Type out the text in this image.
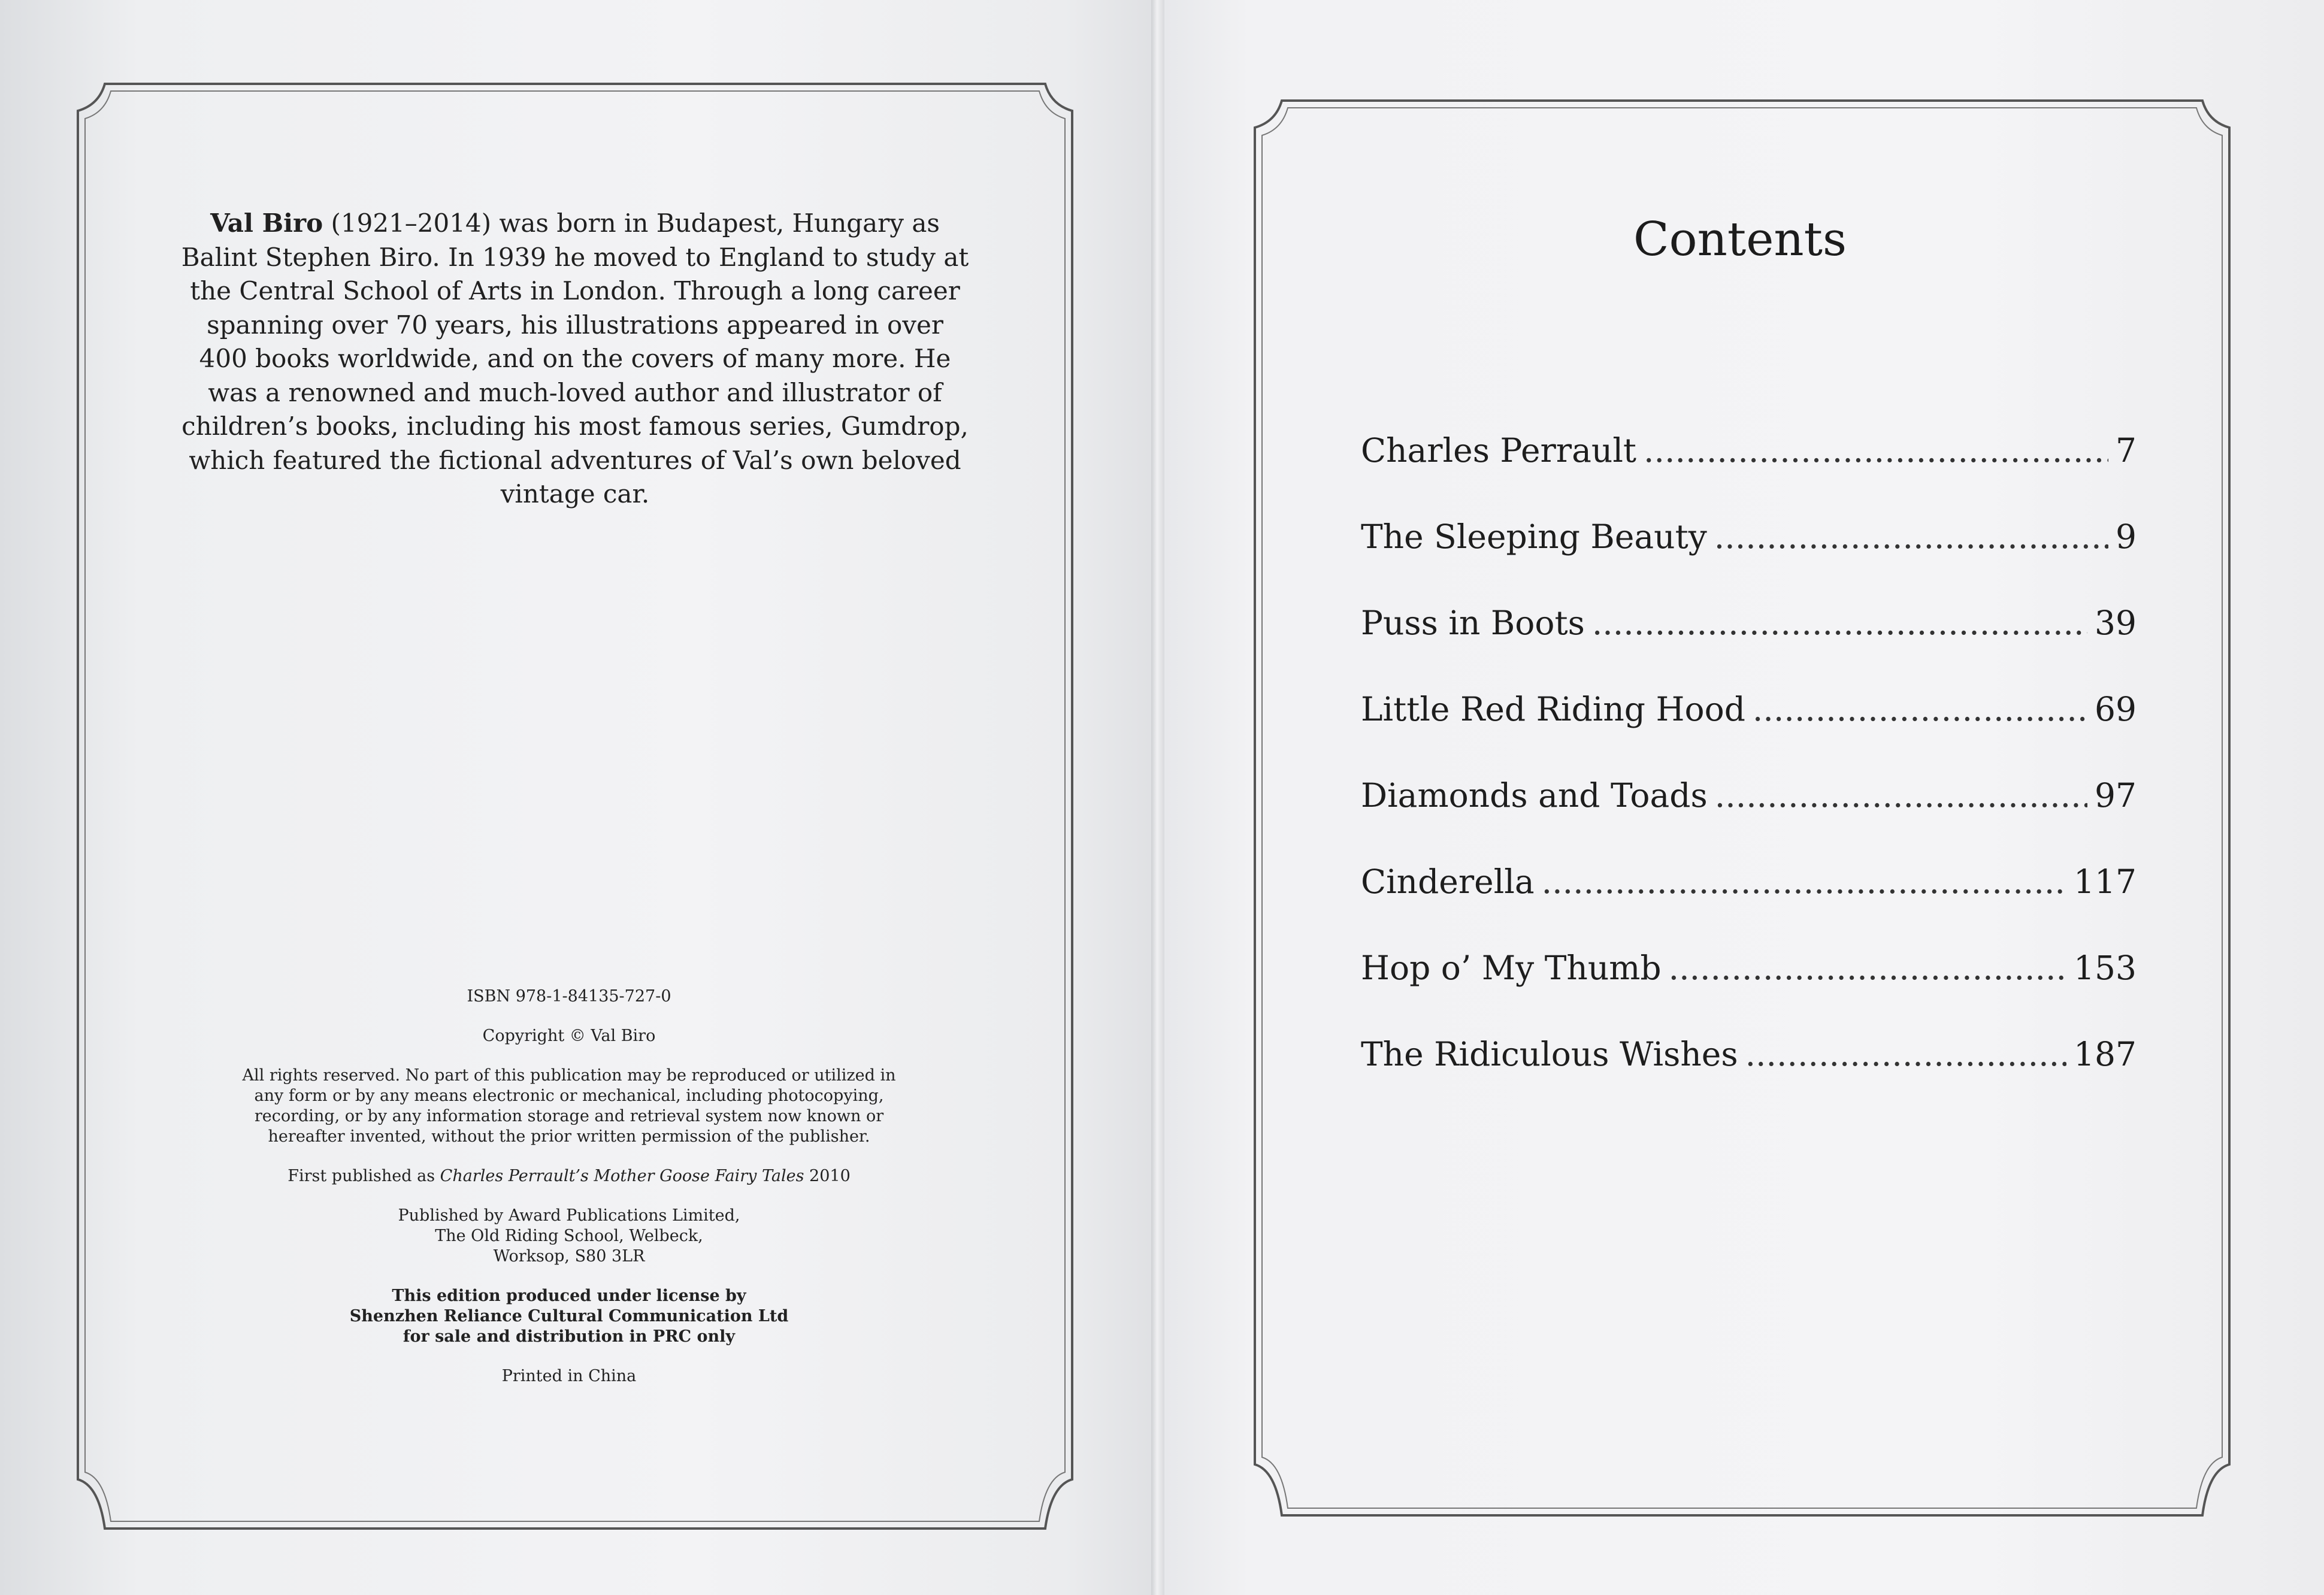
Val Biro (1921–2014) was born in Budapest, Hungary as Balint Stephen Biro. In 1939 he moved to England to study at the Central School of Arts in London. Through a long career spanning over 70 years, his illustrations appeared in over 400 books worldwide, and on the covers of many more. He was a renowned and much-loved author and illustrator of children’s books, including his most famous series, Gumdrop, which featured the fictional adventures of Val’s own beloved vintage car.

ISBN 978-1-84135-727-0

Copyright © Val Biro

All rights reserved. No part of this publication may be reproduced or utilized in any form or by any means electronic or mechanical, including photocopying, recording, or by any information storage and retrieval system now known or hereafter invented, without the prior written permission of the publisher.

First published as Charles Perrault’s Mother Goose Fairy Tales 2010

Published by Award Publications Limited,
The Old Riding School, Welbeck,
Worksop, S80 3LR

This edition produced under license by
Shenzhen Reliance Cultural Communication Ltd
for sale and distribution in PRC only

Printed in China

Contents
Charles Perrault .....	7
The Sleeping Beauty .....	9
Puss in Boots .....	39
Little Red Riding Hood .....	69
Diamonds and Toads .....	97
Cinderella .....	117
Hop o’ My Thumb .....	153
The Ridiculous Wishes .....	187
